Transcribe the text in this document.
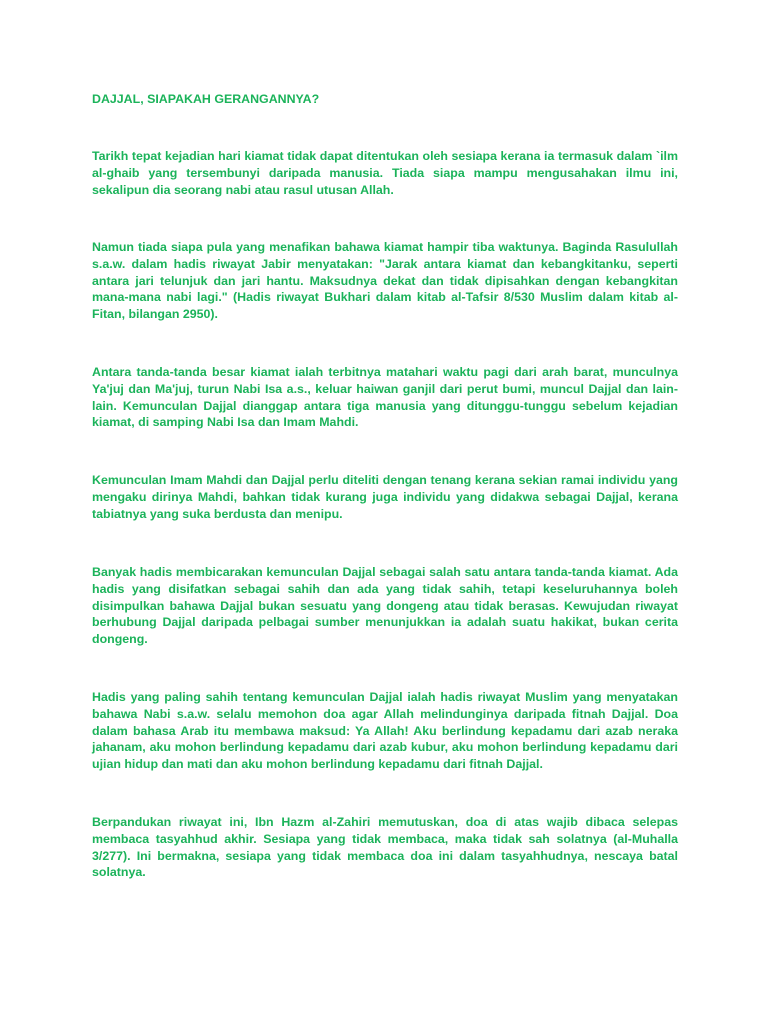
DAJJAL, SIAPAKAH GERANGANNYA?

Tarikh tepat kejadian hari kiamat tidak dapat ditentukan oleh sesiapa kerana ia termasuk dalam `ilm al-ghaib yang tersembunyi daripada manusia. Tiada siapa mampu mengusahakan ilmu ini, sekalipun dia seorang nabi atau rasul utusan Allah.

Namun tiada siapa pula yang menafikan bahawa kiamat hampir tiba waktunya. Baginda Rasulullah s.a.w. dalam hadis riwayat Jabir menyatakan: "Jarak antara kiamat dan kebangkitanku, seperti antara jari telunjuk dan jari hantu. Maksudnya dekat dan tidak dipisahkan dengan kebangkitan mana-mana nabi lagi." (Hadis riwayat Bukhari dalam kitab al-Tafsir 8/530 Muslim dalam kitab al-Fitan, bilangan 2950).

Antara tanda-tanda besar kiamat ialah terbitnya matahari waktu pagi dari arah barat, munculnya Ya'juj dan Ma'juj, turun Nabi Isa a.s., keluar haiwan ganjil dari perut bumi, muncul Dajjal dan lain-lain. Kemunculan Dajjal dianggap antara tiga manusia yang ditunggu-tunggu sebelum kejadian kiamat, di samping Nabi Isa dan Imam Mahdi.

Kemunculan Imam Mahdi dan Dajjal perlu diteliti dengan tenang kerana sekian ramai individu yang mengaku dirinya Mahdi, bahkan tidak kurang juga individu yang didakwa sebagai Dajjal, kerana tabiatnya yang suka berdusta dan menipu.

Banyak hadis membicarakan kemunculan Dajjal sebagai salah satu antara tanda-tanda kiamat. Ada hadis yang disifatkan sebagai sahih dan ada yang tidak sahih, tetapi keseluruhannya boleh disimpulkan bahawa Dajjal bukan sesuatu yang dongeng atau tidak berasas. Kewujudan riwayat berhubung Dajjal daripada pelbagai sumber menunjukkan ia adalah suatu hakikat, bukan cerita dongeng.

Hadis yang paling sahih tentang kemunculan Dajjal ialah hadis riwayat Muslim yang menyatakan bahawa Nabi s.a.w. selalu memohon doa agar Allah melindunginya daripada fitnah Dajjal. Doa dalam bahasa Arab itu membawa maksud: Ya Allah! Aku berlindung kepadamu dari azab neraka jahanam, aku mohon berlindung kepadamu dari azab kubur, aku mohon berlindung kepadamu dari ujian hidup dan mati dan aku mohon berlindung kepadamu dari fitnah Dajjal.

Berpandukan riwayat ini, Ibn Hazm al-Zahiri memutuskan, doa di atas wajib dibaca selepas membaca tasyahhud akhir. Sesiapa yang tidak membaca, maka tidak sah solatnya (al-Muhalla 3/277). Ini bermakna, sesiapa yang tidak membaca doa ini dalam tasyahhudnya, nescaya batal solatnya.
